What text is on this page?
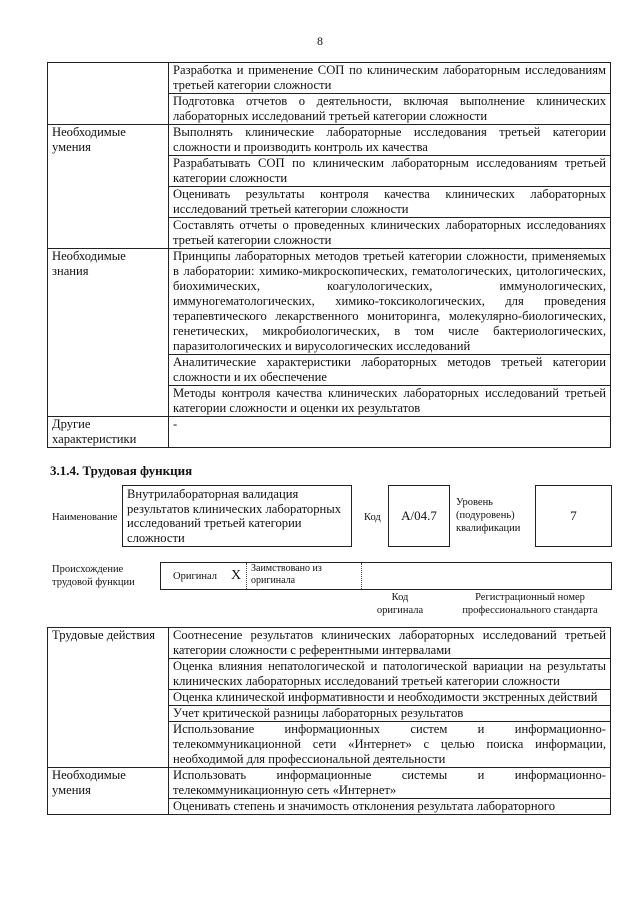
8
	Разработка и применение СОП по клиническим лабораторным исследованиям третьей категории сложности
	Подготовка отчетов о деятельности, включая выполнение клинических лабораторных исследований третьей категории сложности
Необходимые умения	Выполнять клинические лабораторные исследования третьей категории сложности и производить контроль их качества
	Разрабатывать СОП по клиническим лабораторным исследованиям третьей категории сложности
	Оценивать результаты контроля качества клинических лабораторных исследований третьей категории сложности
	Составлять отчеты о проведенных клинических лабораторных исследованиях третьей категории сложности
Необходимые знания	Принципы лабораторных методов третьей категории сложности, применяемых в лаборатории: химико-микроскопических, гематологических, цитологических, биохимических, коагулологических, иммунологических, иммуногематологических, химико-токсикологических, для проведения терапевтического лекарственного мониторинга, молекулярно-биологических, генетических, микробиологических, в том числе бактериологических, паразитологических и вирусологических исследований
	Аналитические характеристики лабораторных методов третьей категории сложности и их обеспечение
	Методы контроля качества клинических лабораторных исследований третьей категории сложности и оценки их результатов
Другие характеристики	-
3.1.4. Трудовая функция
Наименование
Внутрилабораторная валидация результатов клинических лабораторных исследований третьей категории сложности
Код	A/04.7
Уровень (подуровень) квалификации
7
Происхождение трудовой функции
Оригинал X Заимствовано из оригинала
Код оригинала
Регистрационный номер профессионального стандарта
Трудовые действия	Соотнесение результатов клинических лабораторных исследований третьей категории сложности с референтными интервалами
	Оценка влияния непатологической и патологической вариации на результаты клинических лабораторных исследований третьей категории сложности
	Оценка клинической информативности и необходимости экстренных действий
	Учет критической разницы лабораторных результатов
	Использование информационных систем и информационно-телекоммуникационной сети «Интернет» с целью поиска информации, необходимой для профессиональной деятельности
Необходимые умения	Использовать информационные системы и информационно-телекоммуникационную сеть «Интернет»
	Оценивать степень и значимость отклонения результата лабораторного
